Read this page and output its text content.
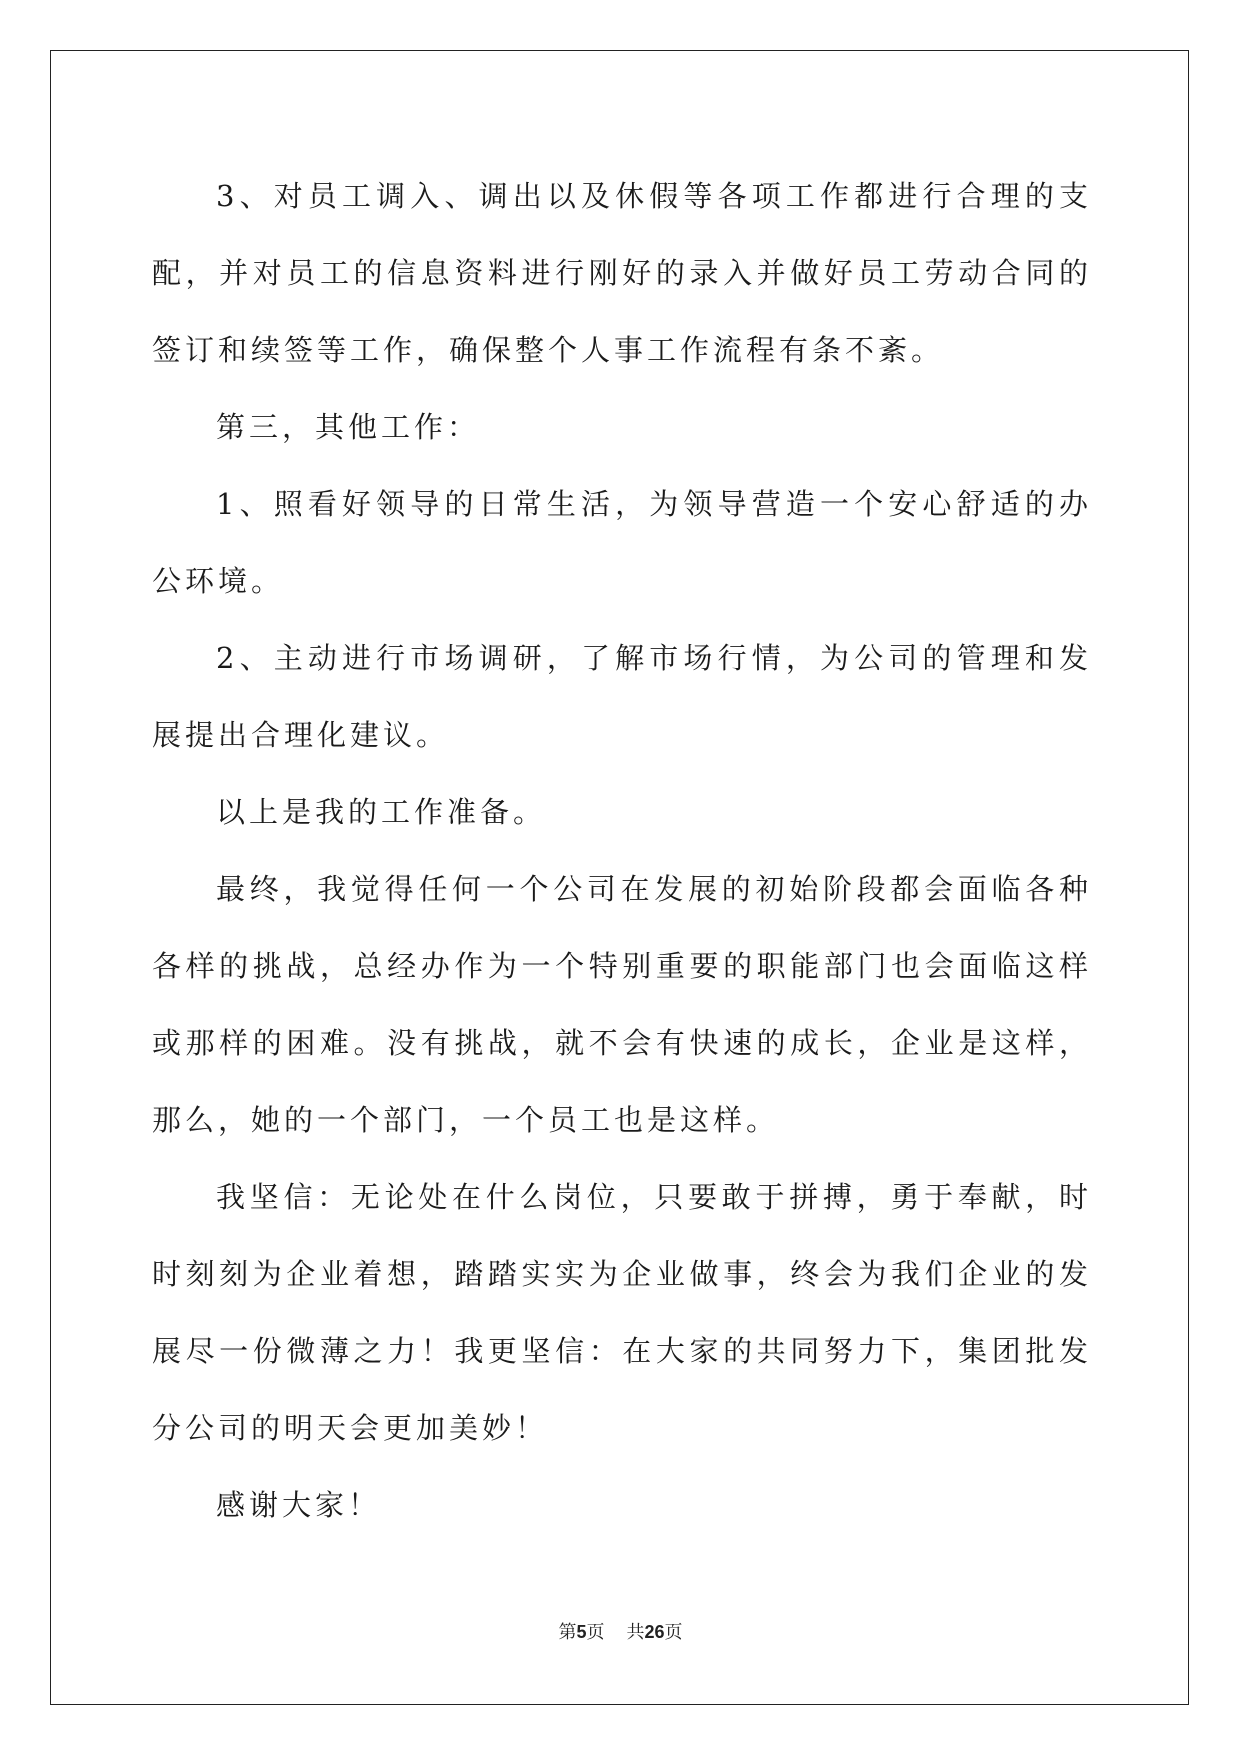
3、对员工调入、调出以及休假等各项工作都进行合理的支配，并对员工的信息资料进行刚好的录入并做好员工劳动合同的签订和续签等工作，确保整个人事工作流程有条不紊。

第三，其他工作：

1、照看好领导的日常生活，为领导营造一个安心舒适的办公环境。

2、主动进行市场调研，了解市场行情，为公司的管理和发展提出合理化建议。

以上是我的工作准备。

最终，我觉得任何一个公司在发展的初始阶段都会面临各种各样的挑战，总经办作为一个特别重要的职能部门也会面临这样或那样的困难。没有挑战，就不会有快速的成长，企业是这样，那么，她的一个部门，一个员工也是这样。

我坚信：无论处在什么岗位，只要敢于拼搏，勇于奉献，时时刻刻为企业着想，踏踏实实为企业做事，终会为我们企业的发展尽一份微薄之力！我更坚信：在大家的共同努力下，集团批发分公司的明天会更加美妙！

感谢大家！

第5页 共26页
